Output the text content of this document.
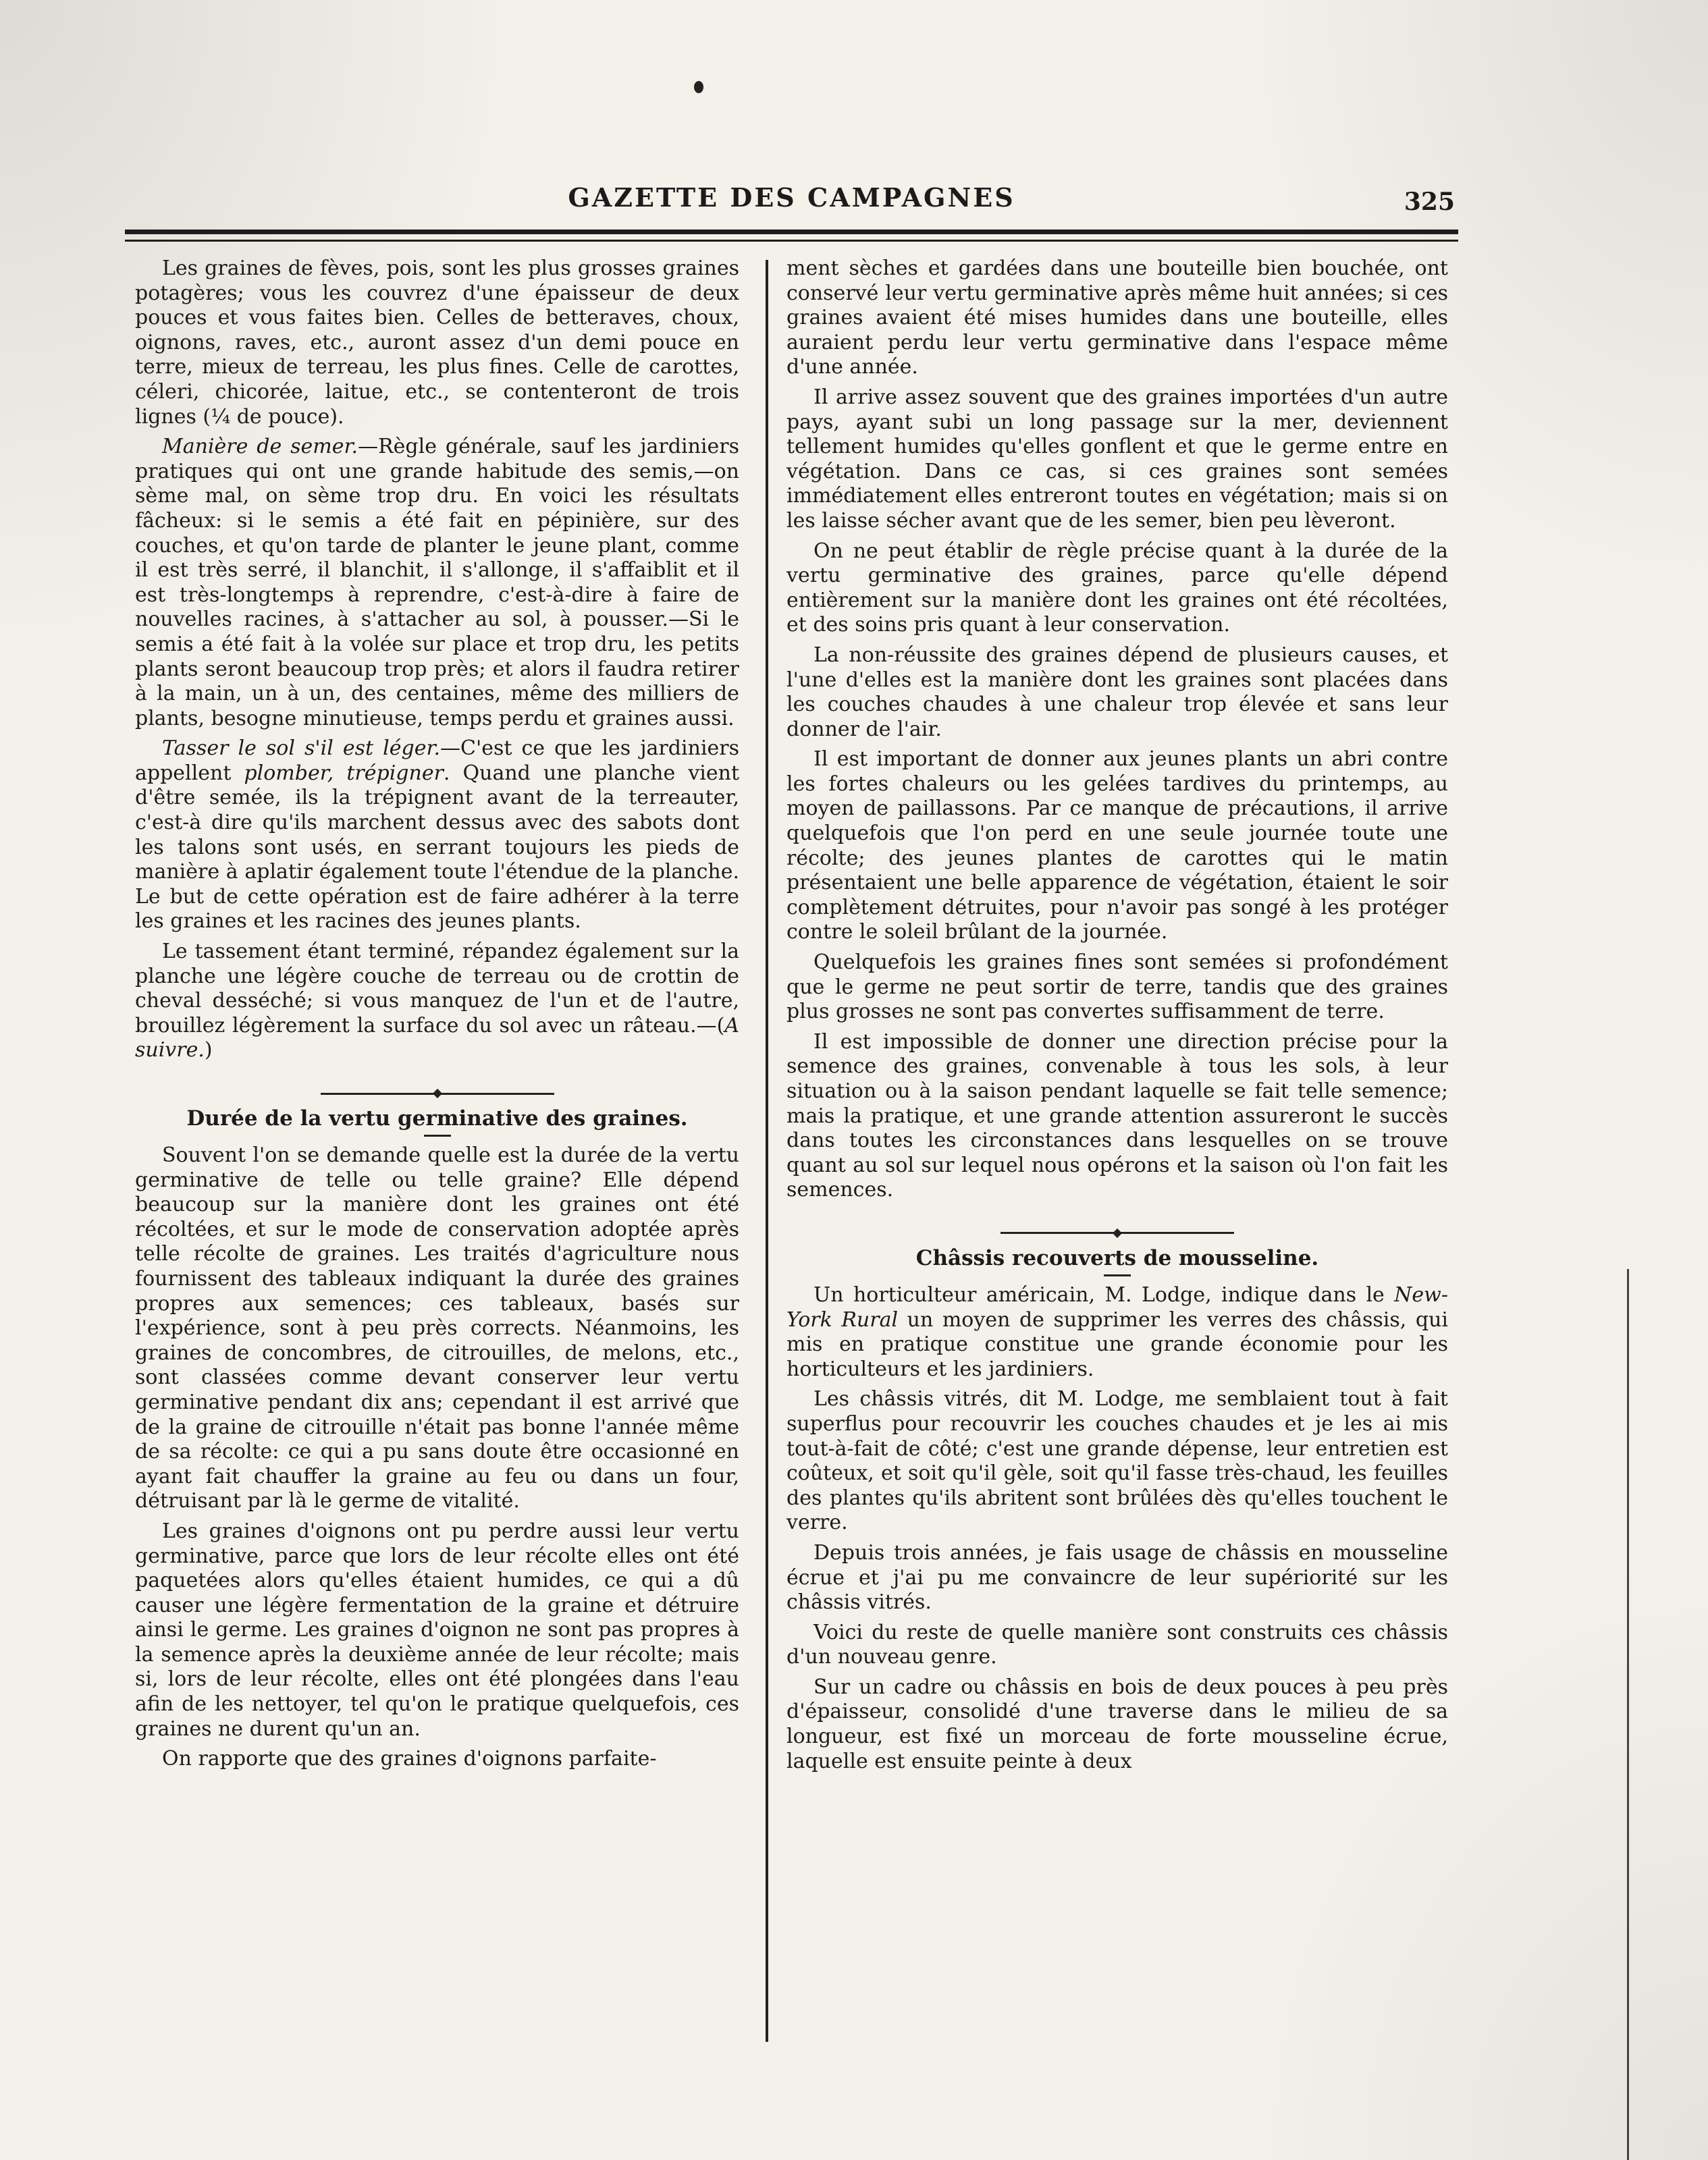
GAZETTE DES CAMPAGNES	325

Les graines de fèves, pois, sont les plus grosses graines potagères; vous les couvrez d'une épaisseur de deux pouces et vous faites bien. Celles de betteraves, choux, oignons, raves, etc., auront assez d'un demi pouce en terre, mieux de terreau, les plus fines. Celle de carottes, céleri, chicorée, laitue, etc., se contenteront de trois lignes (¼ de pouce).

Manière de semer.—Règle générale, sauf les jardiniers pratiques qui ont une grande habitude des semis,—on sème mal, on sème trop dru. En voici les résultats fâcheux: si le semis a été fait en pépinière, sur des couches, et qu'on tarde de planter le jeune plant, comme il est très serré, il blanchit, il s'allonge, il s'affaiblit et il est très-longtemps à reprendre, c'est-à-dire à faire de nouvelles racines, à s'attacher au sol, à pousser.—Si le semis a été fait à la volée sur place et trop dru, les petits plants seront beaucoup trop près; et alors il faudra retirer à la main, un à un, des centaines, même des milliers de plants, besogne minutieuse, temps perdu et graines aussi.

Tasser le sol s'il est léger.—C'est ce que les jardiniers appellent plomber, trépigner. Quand une planche vient d'être semée, ils la trépignent avant de la terreauter, c'est-à dire qu'ils marchent dessus avec des sabots dont les talons sont usés, en serrant toujours les pieds de manière à aplatir également toute l'étendue de la planche. Le but de cette opération est de faire adhérer à la terre les graines et les racines des jeunes plants.

Le tassement étant terminé, répandez également sur la planche une légère couche de terreau ou de crottin de cheval desséché; si vous manquez de l'un et de l'autre, brouillez légèrement la surface du sol avec un râteau.—(A suivre.)

Durée de la vertu germinative des graines.

Souvent l'on se demande quelle est la durée de la vertu germinative de telle ou telle graine? Elle dépend beaucoup sur la manière dont les graines ont été récoltées, et sur le mode de conservation adoptée après telle récolte de graines. Les traités d'agriculture nous fournissent des tableaux indiquant la durée des graines propres aux semences; ces tableaux, basés sur l'expérience, sont à peu près corrects. Néanmoins, les graines de concombres, de citrouilles, de melons, etc., sont classées comme devant conserver leur vertu germinative pendant dix ans; cependant il est arrivé que de la graine de citrouille n'était pas bonne l'année même de sa récolte: ce qui a pu sans doute être occasionné en ayant fait chauffer la graine au feu ou dans un four, détruisant par là le germe de vitalité.

Les graines d'oignons ont pu perdre aussi leur vertu germinative, parce que lors de leur récolte elles ont été paquetées alors qu'elles étaient humides, ce qui a dû causer une légère fermentation de la graine et détruire ainsi le germe. Les graines d'oignon ne sont pas propres à la semence après la deuxième année de leur récolte; mais si, lors de leur récolte, elles ont été plongées dans l'eau afin de les nettoyer, tel qu'on le pratique quelquefois, ces graines ne durent qu'un an.

On rapporte que des graines d'oignons parfaite-

ment sèches et gardées dans une bouteille bien bouchée, ont conservé leur vertu germinative après même huit années; si ces graines avaient été mises humides dans une bouteille, elles auraient perdu leur vertu germinative dans l'espace même d'une année.

Il arrive assez souvent que des graines importées d'un autre pays, ayant subi un long passage sur la mer, deviennent tellement humides qu'elles gonflent et que le germe entre en végétation. Dans ce cas, si ces graines sont semées immédiatement elles entreront toutes en végétation; mais si on les laisse sécher avant que de les semer, bien peu lèveront.

On ne peut établir de règle précise quant à la durée de la vertu germinative des graines, parce qu'elle dépend entièrement sur la manière dont les graines ont été récoltées, et des soins pris quant à leur conservation.

La non-réussite des graines dépend de plusieurs causes, et l'une d'elles est la manière dont les graines sont placées dans les couches chaudes à une chaleur trop élevée et sans leur donner de l'air.

Il est important de donner aux jeunes plants un abri contre les fortes chaleurs ou les gelées tardives du printemps, au moyen de paillassons. Par ce manque de précautions, il arrive quelquefois que l'on perd en une seule journée toute une récolte; des jeunes plantes de carottes qui le matin présentaient une belle apparence de végétation, étaient le soir complètement détruites, pour n'avoir pas songé à les protéger contre le soleil brûlant de la journée.

Quelquefois les graines fines sont semées si profondément que le germe ne peut sortir de terre, tandis que des graines plus grosses ne sont pas convertes suffisamment de terre.

Il est impossible de donner une direction précise pour la semence des graines, convenable à tous les sols, à leur situation ou à la saison pendant laquelle se fait telle semence; mais la pratique, et une grande attention assureront le succès dans toutes les circonstances dans lesquelles on se trouve quant au sol sur lequel nous opérons et la saison où l'on fait les semences.

Châssis recouverts de mousseline.

Un horticulteur américain, M. Lodge, indique dans le New-York Rural un moyen de supprimer les verres des châssis, qui mis en pratique constitue une grande économie pour les horticulteurs et les jardiniers.

Les châssis vitrés, dit M. Lodge, me semblaient tout à fait superflus pour recouvrir les couches chaudes et je les ai mis tout-à-fait de côté; c'est une grande dépense, leur entretien est coûteux, et soit qu'il gèle, soit qu'il fasse très-chaud, les feuilles des plantes qu'ils abritent sont brûlées dès qu'elles touchent le verre.

Depuis trois années, je fais usage de châssis en mousseline écrue et j'ai pu me convaincre de leur supériorité sur les châssis vitrés.

Voici du reste de quelle manière sont construits ces châssis d'un nouveau genre.

Sur un cadre ou châssis en bois de deux pouces à peu près d'épaisseur, consolidé d'une traverse dans le milieu de sa longueur, est fixé un morceau de forte mousseline écrue, laquelle est ensuite peinte à deux
